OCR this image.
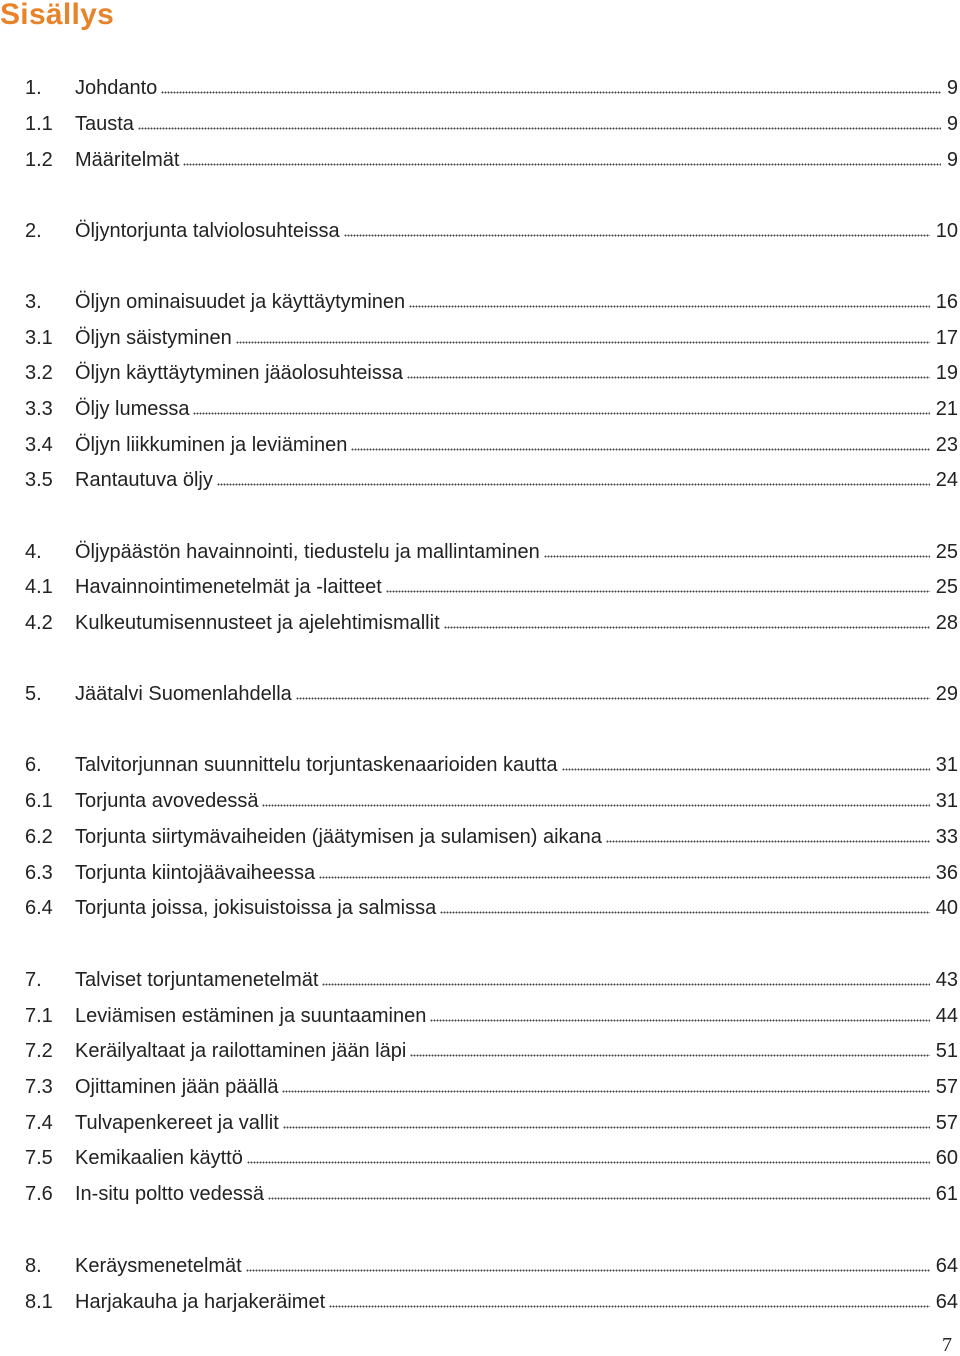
Sisällys
1.	Johdanto	9
1.1	Tausta	9
1.2	Määritelmät	9
2.	Öljyntorjunta talviolosuhteissa	10
3.	Öljyn ominaisuudet ja käyttäytyminen	16
3.1	Öljyn säistyminen	17
3.2	Öljyn käyttäytyminen jääolosuhteissa	19
3.3	Öljy lumessa	21
3.4	Öljyn liikkuminen ja leviäminen	23
3.5	Rantautuva öljy	24
4.	Öljypäästön havainnointi, tiedustelu ja mallintaminen	25
4.1	Havainnointimenetelmät ja -laitteet	25
4.2	Kulkeutumisennusteet ja ajelehtimismallit	28
5.	Jäätalvi Suomenlahdella	29
6.	Talvitorjunnan suunnittelu torjuntaskenaarioiden kautta	31
6.1	Torjunta avovedessä	31
6.2	Torjunta siirtymävaiheiden (jäätymisen ja sulamisen) aikana	33
6.3	Torjunta kiintojäävaiheessa	36
6.4	Torjunta joissa, jokisuistoissa ja salmissa	40
7.	Talviset torjuntamenetelmät	43
7.1	Leviämisen estäminen ja suuntaaminen	44
7.2	Keräilyaltaat ja railottaminen jään läpi	51
7.3	Ojittaminen jään päällä	57
7.4	Tulvapenkereet ja vallit	57
7.5	Kemikaalien käyttö	60
7.6	In-situ poltto vedessä	61
8.	Keräysmenetelmät	64
8.1	Harjakauha ja harjakeräimet	64
7
